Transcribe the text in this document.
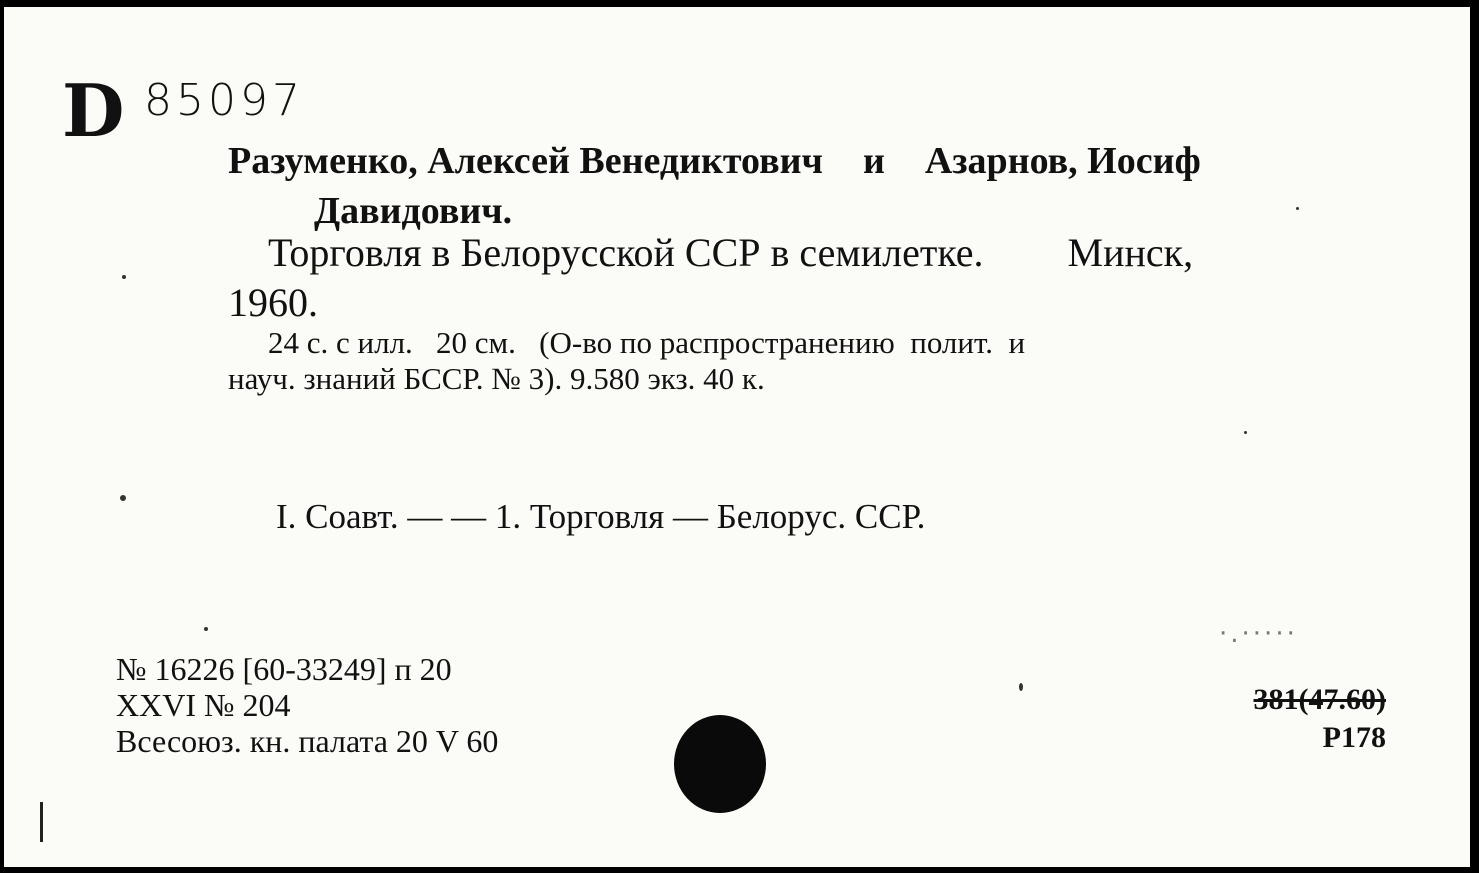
D 85097
Разуменко, Алексей Венедиктович и Азарнов, Иосиф
Давидович.
Торговля в Белорусской ССР в семилетке. Минск,
1960.
24 с. с илл.   20 см.   (О-во по распространению  полит.  и
науч. знаний БССР. № 3). 9.580 экз. 40 к.
I. Соавт. — — 1. Торговля — Белорус. ССР.
№ 16226 [60-33249] п 20
XXVI № 204
Всесоюз. кн. палата 20 V 60
·.·····
381(47.60)
Р178
